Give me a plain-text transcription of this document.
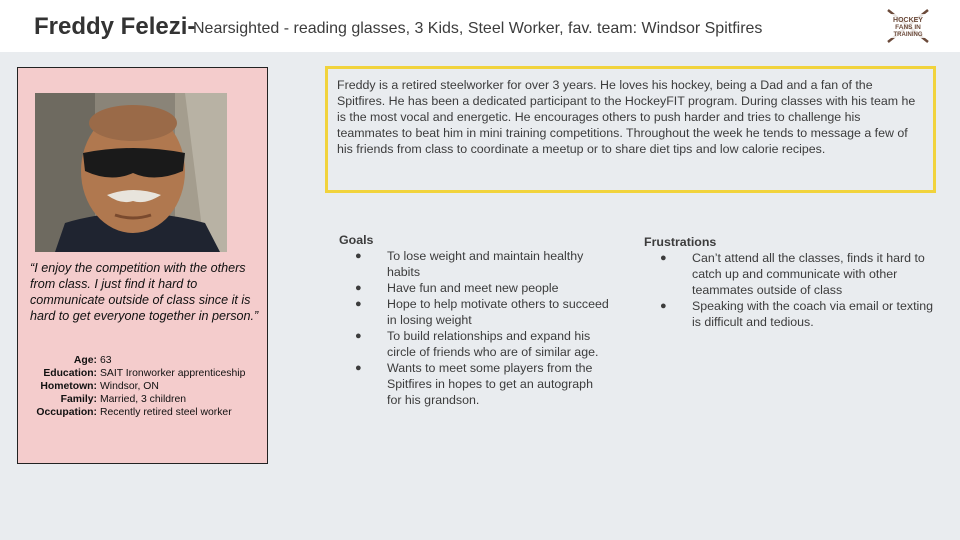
Freddy Felezi-
Nearsighted - reading glasses, 3 Kids, Steel Worker, fav. team: Windsor Spitfires	HOCKEY
FANS IN
TRAINING
“I enjoy the competition with the others from class. I just find it hard to communicate outside of class since it is hard to get everyone together in person.”
Age: 63
Education: SAIT Ironworker apprenticeship
Hometown: Windsor, ON
Family: Married, 3 children
Occupation: Recently retired steel worker

Freddy is a retired steelworker for over 3 years. He loves his hockey, being a Dad and a fan of the Spitfires. He has been a dedicated participant to the HockeyFIT program. During classes with his team he is the most vocal and energetic. He encourages others to push harder and tries to challenge his teammates to beat him in mini training competitions. Throughout the week he tends to message a few of his friends from class to coordinate a meetup or to share diet tips and low calorie recipes.

Goals
● To lose weight and maintain healthy habits
● Have fun and meet new people
● Hope to help motivate others to succeed in losing weight
● To build relationships and expand his circle of friends who are of similar age.
● Wants to meet some players from the Spitfires in hopes to get an autograph for his grandson.
Frustrations
● Can’t attend all the classes, finds it hard to catch up and communicate with other teammates outside of class
● Speaking with the coach via email or texting is difficult and tedious.
